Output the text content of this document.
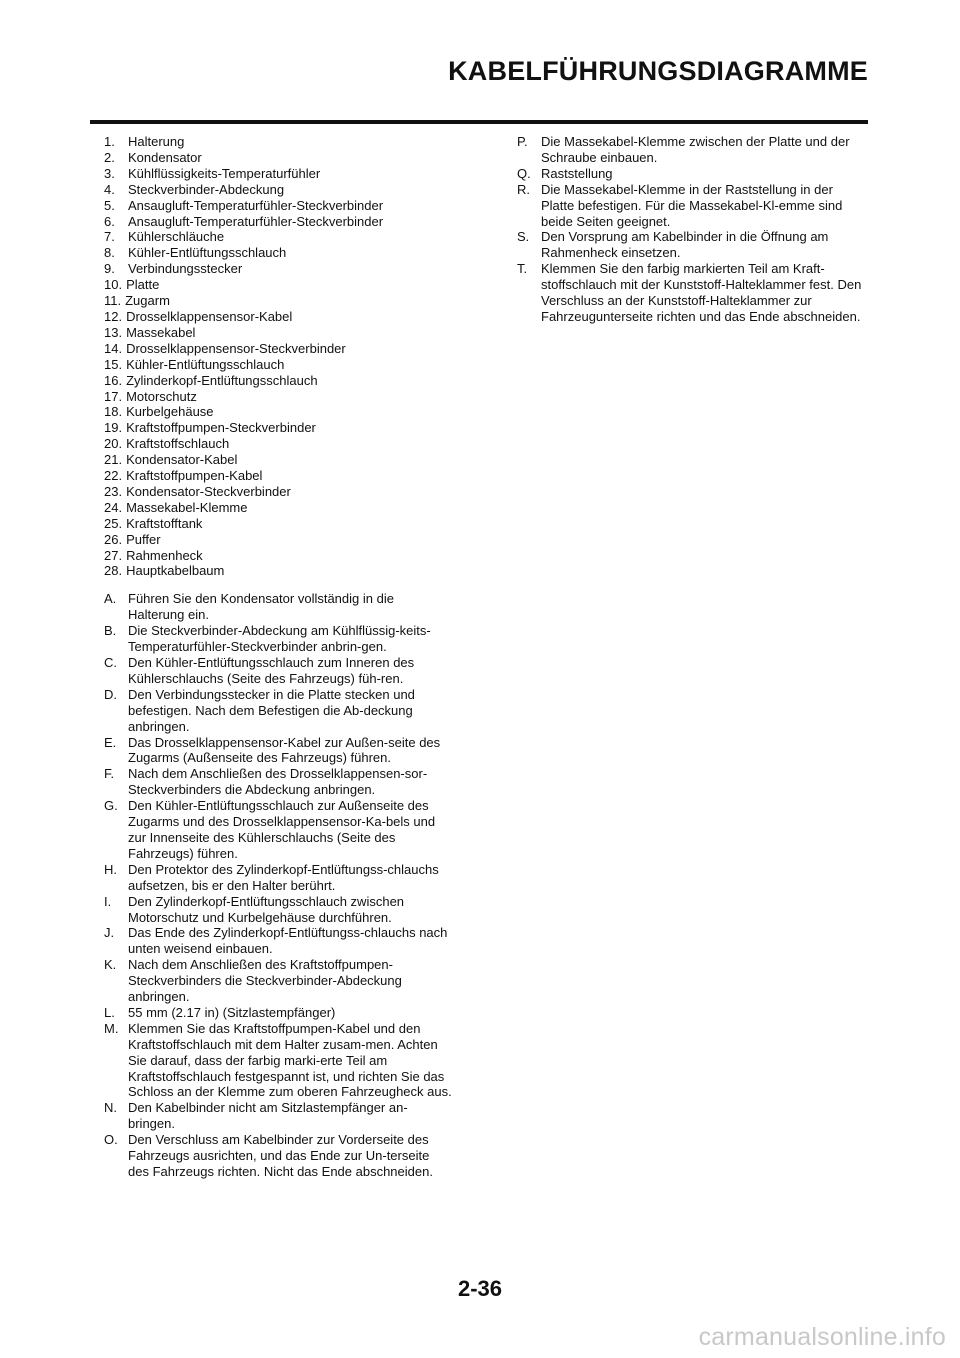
KABELFÜHRUNGSDIAGRAMME
1.	Halterung
2.	Kondensator
3.	Kühlflüssigkeits-Temperaturfühler
4.	Steckverbinder-Abdeckung
5.	Ansaugluft-Temperaturfühler-Steckverbinder
6.	Ansaugluft-Temperaturfühler-Steckverbinder
7.	Kühlerschläuche
8.	Kühler-Entlüftungsschlauch
9.	Verbindungsstecker
10. Platte
11. Zugarm
12. Drosselklappensensor-Kabel
13. Massekabel
14. Drosselklappensensor-Steckverbinder
15. Kühler-Entlüftungsschlauch
16. Zylinderkopf-Entlüftungsschlauch
17. Motorschutz
18. Kurbelgehäuse
19. Kraftstoffpumpen-Steckverbinder
20. Kraftstoffschlauch
21. Kondensator-Kabel
22. Kraftstoffpumpen-Kabel
23. Kondensator-Steckverbinder
24. Massekabel-Klemme
25. Kraftstofftank
26. Puffer
27. Rahmenheck
28. Hauptkabelbaum
A. Führen Sie den Kondensator vollständig in die Halterung ein.
B. Die Steckverbinder-Abdeckung am Kühlflüssig-keits-Temperaturfühler-Steckverbinder anbrin-gen.
C. Den Kühler-Entlüftungsschlauch zum Inneren des Kühlerschlauchs (Seite des Fahrzeugs) füh-ren.
D. Den Verbindungsstecker in die Platte stecken und befestigen. Nach dem Befestigen die Ab-deckung anbringen.
E. Das Drosselklappensensor-Kabel zur Außen-seite des Zugarms (Außenseite des Fahrzeugs) führen.
F.	Nach dem Anschließen des Drosselklappensen-sor-Steckverbinders die Abdeckung anbringen.
G. Den Kühler-Entlüftungsschlauch zur Außenseite des Zugarms und des Drosselklappensensor-Ka-bels und zur Innenseite des Kühlerschlauchs (Seite des Fahrzeugs) führen.
H. Den Protektor des Zylinderkopf-Entlüftungss-chlauchs aufsetzen, bis er den Halter berührt.
I.	Den Zylinderkopf-Entlüftungsschlauch zwischen Motorschutz und Kurbelgehäuse durchführen.
J.	Das Ende des Zylinderkopf-Entlüftungss-chlauchs nach unten weisend einbauen.
K. Nach dem Anschließen des Kraftstoffpumpen-Steckverbinders die Steckverbinder-Abdeckung anbringen.
L.	55 mm (2.17 in) (Sitzlastempfänger)
M. Klemmen Sie das Kraftstoffpumpen-Kabel und den Kraftstoffschlauch mit dem Halter zusam-men. Achten Sie darauf, dass der farbig marki-erte Teil am Kraftstoffschlauch festgespannt ist, und richten Sie das Schloss an der Klemme zum oberen Fahrzeugheck aus.
N. Den Kabelbinder nicht am Sitzlastempfänger an-bringen.
O. Den Verschluss am Kabelbinder zur Vorderseite des Fahrzeugs ausrichten, und das Ende zur Un-terseite des Fahrzeugs richten. Nicht das Ende abschneiden.
P.	Die Massekabel-Klemme zwischen der Platte und der Schraube einbauen.
Q. Raststellung
R. Die Massekabel-Klemme in der Raststellung in der Platte befestigen. Für die Massekabel-Kl-emme sind beide Seiten geeignet.
S. Den Vorsprung am Kabelbinder in die Öffnung am Rahmenheck einsetzen.
T.	Klemmen Sie den farbig markierten Teil am Kraft-stoffschlauch mit der Kunststoff-Halteklammer fest. Den Verschluss an der Kunststoff-Halteklammer zur Fahrzeugunterseite richten und das Ende abschneiden.
2-36
carmanualsonline.info
